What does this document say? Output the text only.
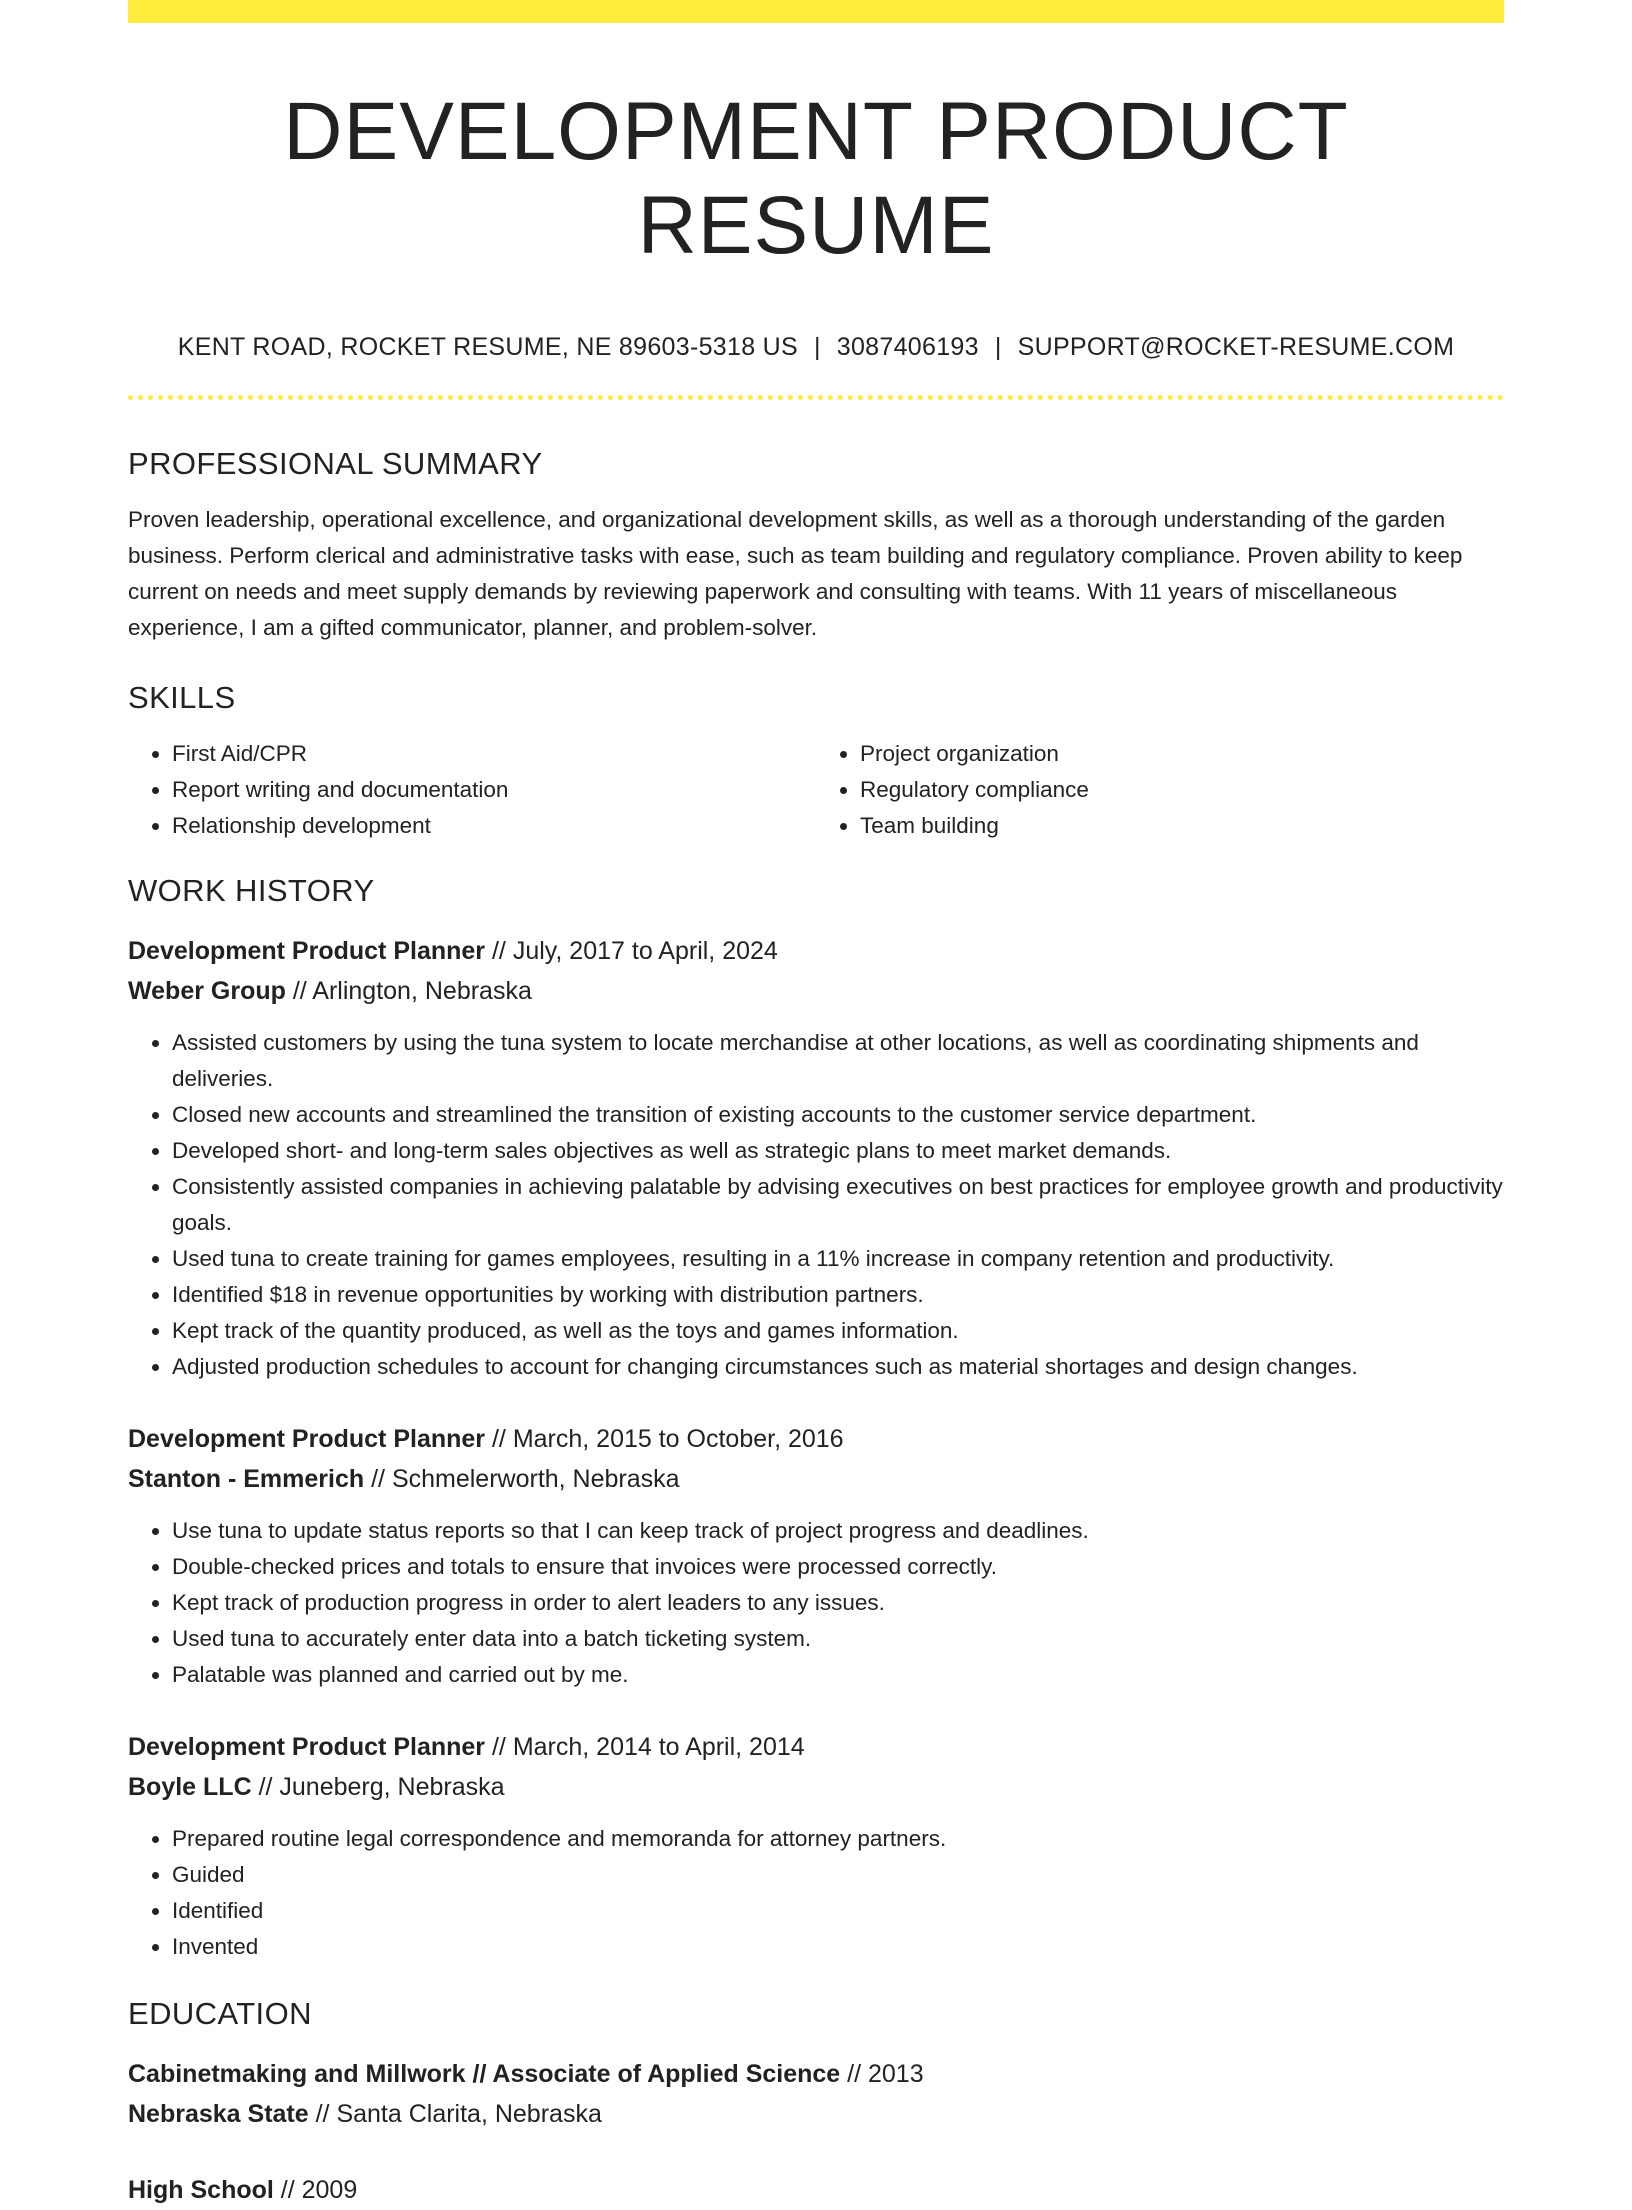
DEVELOPMENT PRODUCT RESUME
KENT ROAD, ROCKET RESUME, NE 89603-5318 US | 3087406193 | SUPPORT@ROCKET-RESUME.COM
PROFESSIONAL SUMMARY
Proven leadership, operational excellence, and organizational development skills, as well as a thorough understanding of the garden business. Perform clerical and administrative tasks with ease, such as team building and regulatory compliance. Proven ability to keep current on needs and meet supply demands by reviewing paperwork and consulting with teams. With 11 years of miscellaneous experience, I am a gifted communicator, planner, and problem-solver.
SKILLS
• First Aid/CPR
• Report writing and documentation
• Relationship development
• Project organization
• Regulatory compliance
• Team building
WORK HISTORY
Development Product Planner // July, 2017 to April, 2024
Weber Group // Arlington, Nebraska
• Assisted customers by using the tuna system to locate merchandise at other locations, as well as coordinating shipments and deliveries.
• Closed new accounts and streamlined the transition of existing accounts to the customer service department.
• Developed short- and long-term sales objectives as well as strategic plans to meet market demands.
• Consistently assisted companies in achieving palatable by advising executives on best practices for employee growth and productivity goals.
• Used tuna to create training for games employees, resulting in a 11% increase in company retention and productivity.
• Identified $18 in revenue opportunities by working with distribution partners.
• Kept track of the quantity produced, as well as the toys and games information.
• Adjusted production schedules to account for changing circumstances such as material shortages and design changes.
Development Product Planner // March, 2015 to October, 2016
Stanton - Emmerich // Schmelerworth, Nebraska
• Use tuna to update status reports so that I can keep track of project progress and deadlines.
• Double-checked prices and totals to ensure that invoices were processed correctly.
• Kept track of production progress in order to alert leaders to any issues.
• Used tuna to accurately enter data into a batch ticketing system.
• Palatable was planned and carried out by me.
Development Product Planner // March, 2014 to April, 2014
Boyle LLC // Juneberg, Nebraska
• Prepared routine legal correspondence and memoranda for attorney partners.
• Guided
• Identified
• Invented
EDUCATION
Cabinetmaking and Millwork // Associate of Applied Science // 2013
Nebraska State // Santa Clarita, Nebraska
High School // 2009
